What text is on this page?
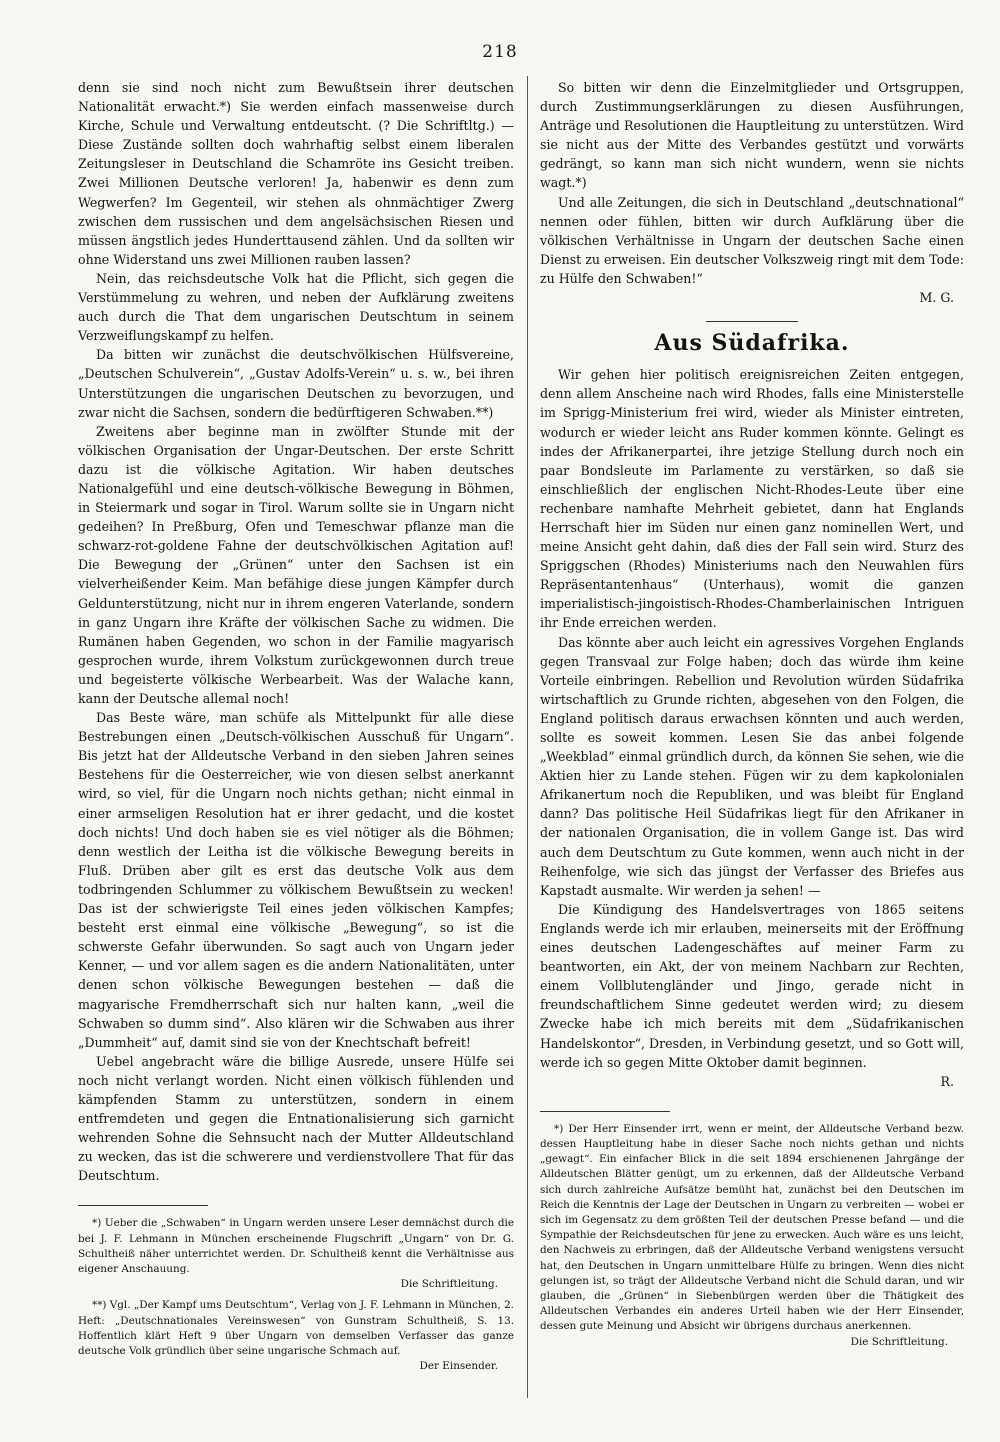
218

denn sie sind noch nicht zum Bewußtsein ihrer deutschen Nationalität erwacht.*) Sie werden einfach massenweise durch Kirche, Schule und Verwaltung entdeutscht. (? Die Schriftltg.) — Diese Zustände sollten doch wahrhaftig selbst einem liberalen Zeitungsleser in Deutschland die Schamröte ins Gesicht treiben. Zwei Millionen Deutsche verloren! Ja, habenwir es denn zum Wegwerfen? Im Gegenteil, wir stehen als ohnmächtiger Zwerg zwischen dem russischen und dem angelsächsischen Riesen und müssen ängstlich jedes Hunderttausend zählen. Und da sollten wir ohne Widerstand uns zwei Millionen rauben lassen?

Nein, das reichsdeutsche Volk hat die Pflicht, sich gegen die Verstümmelung zu wehren, und neben der Aufklärung zweitens auch durch die That dem ungarischen Deutschtum in seinem Verzweiflungskampf zu helfen.

Da bitten wir zunächst die deutschvölkischen Hülfsvereine, „Deutschen Schulverein“, „Gustav Adolfs-Verein“ u. s. w., bei ihren Unterstützungen die ungarischen Deutschen zu bevorzugen, und zwar nicht die Sachsen, sondern die bedürftigeren Schwaben.**)

Zweitens aber beginne man in zwölfter Stunde mit der völkischen Organisation der Ungar-Deutschen. Der erste Schritt dazu ist die völkische Agitation. Wir haben deutsches Nationalgefühl und eine deutsch-völkische Bewegung in Böhmen, in Steiermark und sogar in Tirol. Warum sollte sie in Ungarn nicht gedeihen? In Preßburg, Ofen und Temeschwar pflanze man die schwarz-rot-goldene Fahne der deutschvölkischen Agitation auf! Die Bewegung der „Grünen“ unter den Sachsen ist ein vielverheißender Keim. Man befähige diese jungen Kämpfer durch Geldunterstützung, nicht nur in ihrem engeren Vaterlande, sondern in ganz Ungarn ihre Kräfte der völkischen Sache zu widmen. Die Rumänen haben Gegenden, wo schon in der Familie magyarisch gesprochen wurde, ihrem Volkstum zurückgewonnen durch treue und begeisterte völkische Werbearbeit. Was der Walache kann, kann der Deutsche allemal noch!

Das Beste wäre, man schüfe als Mittelpunkt für alle diese Bestrebungen einen „Deutsch-völkischen Ausschuß für Ungarn“. Bis jetzt hat der Alldeutsche Verband in den sieben Jahren seines Bestehens für die Oesterreicher, wie von diesen selbst anerkannt wird, so viel, für die Ungarn noch nichts gethan; nicht einmal in einer armseligen Resolution hat er ihrer gedacht, und die kostet doch nichts! Und doch haben sie es viel nötiger als die Böhmen; denn westlich der Leitha ist die völkische Bewegung bereits in Fluß. Drüben aber gilt es erst das deutsche Volk aus dem todbringenden Schlummer zu völkischem Bewußtsein zu wecken! Das ist der schwierigste Teil eines jeden völkischen Kampfes; besteht erst einmal eine völkische „Bewegung“, so ist die schwerste Gefahr überwunden. So sagt auch von Ungarn jeder Kenner, — und vor allem sagen es die andern Nationalitäten, unter denen schon völkische Bewegungen bestehen — daß die magyarische Fremdherrschaft sich nur halten kann, „weil die Schwaben so dumm sind“. Also klären wir die Schwaben aus ihrer „Dummheit“ auf, damit sind sie von der Knechtschaft befreit!

Uebel angebracht wäre die billige Ausrede, unsere Hülfe sei noch nicht verlangt worden. Nicht einen völkisch fühlenden und kämpfenden Stamm zu unterstützen, sondern in einem entfremdeten und gegen die Entnationalisierung sich garnicht wehrenden Sohne die Sehnsucht nach der Mutter Alldeutschland zu wecken, das ist die schwerere und verdienstvollere That für das Deutschtum.

*) Ueber die „Schwaben“ in Ungarn werden unsere Leser demnächst durch die bei J. F. Lehmann in München erscheinende Flugschrift „Ungarn“ von Dr. G. Schultheiß näher unterrichtet werden. Dr. Schultheiß kennt die Verhältnisse aus eigener Anschauung.

Die Schriftleitung.

**) Vgl. „Der Kampf ums Deutschtum“, Verlag von J. F. Lehmann in München, 2. Heft: „Deutschnationales Vereinswesen“ von Gunstram Schultheiß, S. 13. Hoffentlich klärt Heft 9 über Ungarn von demselben Verfasser das ganze deutsche Volk gründlich über seine ungarische Schmach auf.

Der Einsender.

So bitten wir denn die Einzelmitglieder und Ortsgruppen, durch Zustimmungserklärungen zu diesen Ausführungen, Anträge und Resolutionen die Hauptleitung zu unterstützen. Wird sie nicht aus der Mitte des Verbandes gestützt und vorwärts gedrängt, so kann man sich nicht wundern, wenn sie nichts wagt.*)

Und alle Zeitungen, die sich in Deutschland „deutschnational“ nennen oder fühlen, bitten wir durch Aufklärung über die völkischen Verhältnisse in Ungarn der deutschen Sache einen Dienst zu erweisen. Ein deutscher Volkszweig ringt mit dem Tode: zu Hülfe den Schwaben!“

M. G.

Aus Südafrika.

Wir gehen hier politisch ereignisreichen Zeiten entgegen, denn allem Anscheine nach wird Rhodes, falls eine Ministerstelle im Sprigg-Ministerium frei wird, wieder als Minister eintreten, wodurch er wieder leicht ans Ruder kommen könnte. Gelingt es indes der Afrikanerpartei, ihre jetzige Stellung durch noch ein paar Bondsleute im Parlamente zu verstärken, so daß sie einschließlich der englischen Nicht-Rhodes-Leute über eine rechenbare namhafte Mehrheit gebietet, dann hat Englands Herrschaft hier im Süden nur einen ganz nominellen Wert, und meine Ansicht geht dahin, daß dies der Fall sein wird. Sturz des Spriggschen (Rhodes) Ministeriums nach den Neuwahlen fürs Repräsentantenhaus“ (Unterhaus), womit die ganzen imperialistisch-jingoistisch-Rhodes-Chamberlainischen Intriguen ihr Ende erreichen werden.

Das könnte aber auch leicht ein agressives Vorgehen Englands gegen Transvaal zur Folge haben; doch das würde ihm keine Vorteile einbringen. Rebellion und Revolution würden Südafrika wirtschaftlich zu Grunde richten, abgesehen von den Folgen, die England politisch daraus erwachsen könnten und auch werden, sollte es soweit kommen. Lesen Sie das anbei folgende „Weekblad“ einmal gründlich durch, da können Sie sehen, wie die Aktien hier zu Lande stehen. Fügen wir zu dem kapkolonialen Afrikanertum noch die Republiken, und was bleibt für England dann? Das politische Heil Südafrikas liegt für den Afrikaner in der nationalen Organisation, die in vollem Gange ist. Das wird auch dem Deutschtum zu Gute kommen, wenn auch nicht in der Reihenfolge, wie sich das jüngst der Verfasser des Briefes aus Kapstadt ausmalte. Wir werden ja sehen! —

Die Kündigung des Handelsvertrages von 1865 seitens Englands werde ich mir erlauben, meinerseits mit der Eröffnung eines deutschen Ladengeschäftes auf meiner Farm zu beantworten, ein Akt, der von meinem Nachbarn zur Rechten, einem Vollblutengländer und Jingo, gerade nicht in freundschaftlichem Sinne gedeutet werden wird; zu diesem Zwecke habe ich mich bereits mit dem „Südafrikanischen Handelskontor“, Dresden, in Verbindung gesetzt, und so Gott will, werde ich so gegen Mitte Oktober damit beginnen.

R.

*) Der Herr Einsender irrt, wenn er meint, der Alldeutsche Verband bezw. dessen Hauptleitung habe in dieser Sache noch nichts gethan und nichts „gewagt“. Ein einfacher Blick in die seit 1894 erschienenen Jahrgänge der Alldeutschen Blätter genügt, um zu erkennen, daß der Alldeutsche Verband sich durch zahlreiche Aufsätze bemüht hat, zunächst bei den Deutschen im Reich die Kenntnis der Lage der Deutschen in Ungarn zu verbreiten — wobei er sich im Gegensatz zu dem größten Teil der deutschen Presse befand — und die Sympathie der Reichsdeutschen für jene zu erwecken. Auch wäre es uns leicht, den Nachweis zu erbringen, daß der Alldeutsche Verband wenigstens versucht hat, den Deutschen in Ungarn unmittelbare Hülfe zu bringen. Wenn dies nicht gelungen ist, so trägt der Alldeutsche Verband nicht die Schuld daran, und wir glauben, die „Grünen“ in Siebenbürgen werden über die Thätigkeit des Alldeutschen Verbandes ein anderes Urteil haben wie der Herr Einsender, dessen gute Meinung und Absicht wir übrigens durchaus anerkennen.

Die Schriftleitung.
